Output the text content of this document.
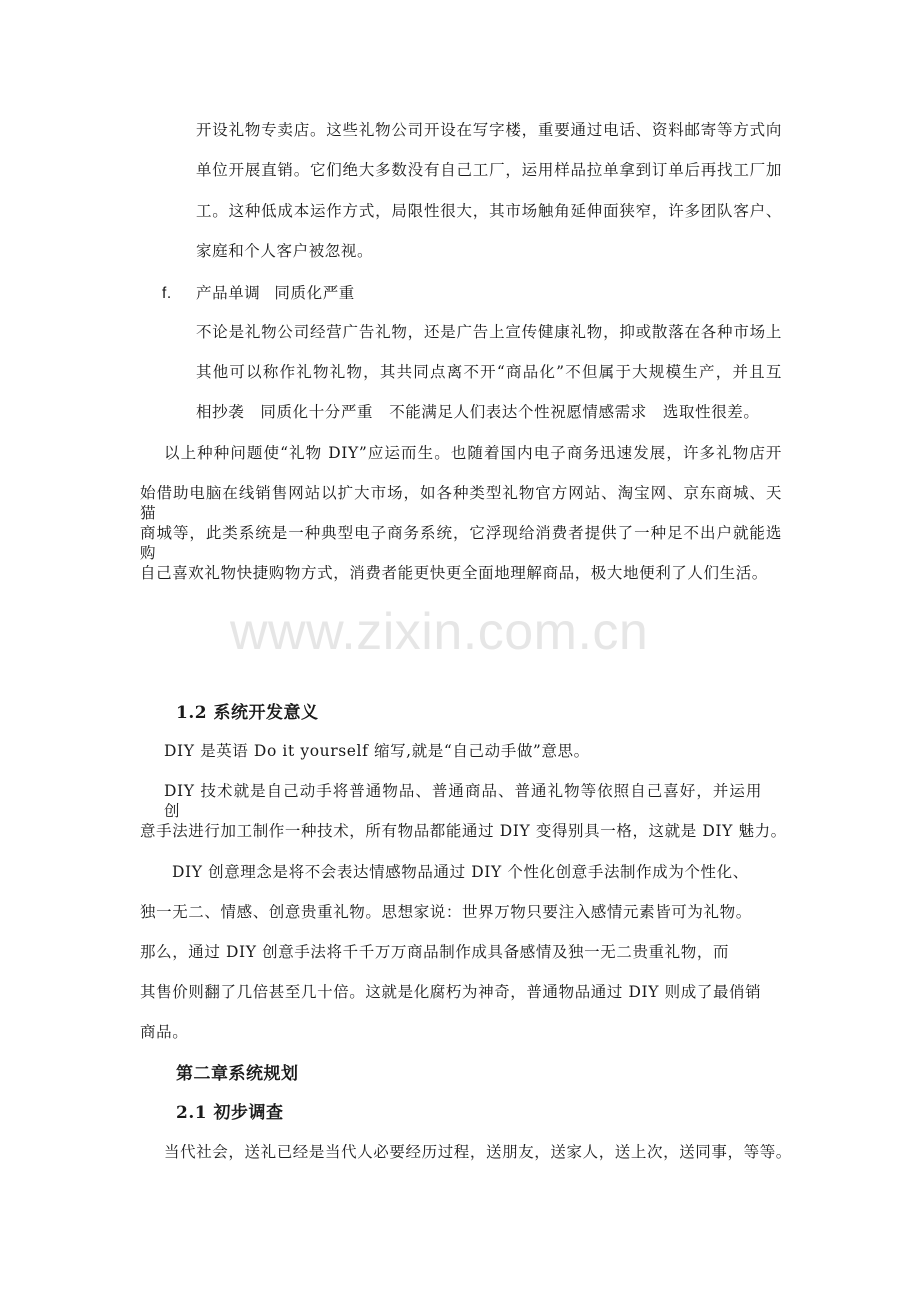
开设礼物专卖店。这些礼物公司开设在写字楼，重要通过电话、资料邮寄等方式向
单位开展直销。它们绝大多数没有自己工厂，运用样品拉单拿到订单后再找工厂加
工。这种低成本运作方式，局限性很大，其市场触角延伸面狭窄，许多团队客户、
家庭和个人客户被忽视。
f. 产品单调 同质化严重
不论是礼物公司经营广告礼物，还是广告上宣传健康礼物，抑或散落在各种市场上
其他可以称作礼物礼物，其共同点离不开“商品化”不但属于大规模生产，并且互
相抄袭　同质化十分严重　不能满足人们表达个性祝愿情感需求　选取性很差。
以上种种问题使“礼物 DIY”应运而生。也随着国内电子商务迅速发展，许多礼物店开
始借助电脑在线销售网站以扩大市场，如各种类型礼物官方网站、淘宝网、京东商城、天猫
商城等，此类系统是一种典型电子商务系统，它浮现给消费者提供了一种足不出户就能选购
自己喜欢礼物快捷购物方式，消费者能更快更全面地理解商品，极大地便利了人们生活。
www.zixin.com.cn
1.2 系统开发意义
DIY 是英语 Do it yourself 缩写,就是“自己动手做”意思。
DIY 技术就是自己动手将普通物品、普通商品、普通礼物等依照自己喜好，并运用创
意手法进行加工制作一种技术，所有物品都能通过 DIY 变得别具一格，这就是 DIY 魅力。
DIY 创意理念是将不会表达情感物品通过 DIY 个性化创意手法制作成为个性化、
独一无二、情感、创意贵重礼物。思想家说：世界万物只要注入感情元素皆可为礼物。
那么，通过 DIY 创意手法将千千万万商品制作成具备感情及独一无二贵重礼物，而
其售价则翻了几倍甚至几十倍。这就是化腐朽为神奇，普通物品通过 DIY 则成了最俏销
商品。
第二章系统规划
2.1 初步调查
当代社会，送礼已经是当代人必要经历过程，送朋友，送家人，送上次，送同事，等等。
